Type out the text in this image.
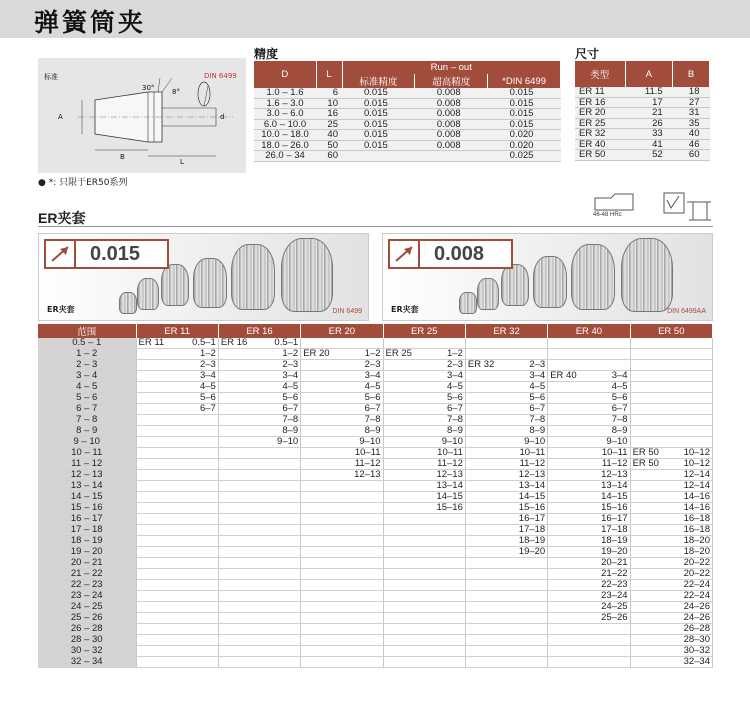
弹簧筒夹
标准	DIN 6499
30°	8°
A	d
B
L
● *: 只限于ER50系列
精度
D	L	Run – out		
		标准精度	超高精度	*DIN 6499
1.0 – 1.6	6	0.015	0.008	0.015
1.6 – 3.0	10	0.015	0.008	0.015
3.0 – 6.0	16	0.015	0.008	0.015
6.0 – 10.0	25	0.015	0.008	0.015
10.0 – 18.0	40	0.015	0.008	0.020
18.0 – 26.0	50	0.015	0.008	0.020
26.0 – 34	60			0.025
尺寸
类型	A	B
ER 11	11.5	18
ER 16	17	27
ER 20	21	31
ER 25	26	35
ER 32	33	40
ER 40	41	46
ER 50	52	60
ER夹套	46-48 HRc
0.015
ER夹套	DIN 6499
0.008
ER夹套	DIN 6499AA
范围	ER 11	ER 16	ER 20	ER 25	ER 32	ER 40	ER 50
0.5 – 1	ER 11 0.5–1	ER 16 0.5–1					

1 – 2	1–2	1–2	ER 20 1–2	ER 25 1–2			

2 – 3	2–3	2–3	2–3	2–3	ER 32 2–3		

3 – 4	3–4	3–4	3–4	3–4	3–4	ER 40 3–4	

4 – 5	4–5	4–5	4–5	4–5	4–5	4–5	

5 – 6	5–6	5–6	5–6	5–6	5–6	5–6	

6 – 7	6–7	6–7	6–7	6–7	6–7	6–7	

7 – 8		7–8	7–8	7–8	7–8	7–8	

8 – 9		8–9	8–9	8–9	8–9	8–9	

9 – 10		9–10	9–10	9–10	9–10	9–10	

10 – 11			10–11	10–11	10–11	10–11	ER 50 10–12

11 – 12			11–12	11–12	11–12	11–12	ER 50 10–12

12 – 13			12–13	12–13	12–13	12–13	12–14

13 – 14				13–14	13–14	13–14	12–14

14 – 15				14–15	14–15	14–15	14–16

15 – 16				15–16	15–16	15–16	14–16

16 – 17					16–17	16–17	16–18

17 – 18					17–18	17–18	16–18

18 – 19					18–19	18–19	18–20

19 – 20					19–20	19–20	18–20

20 – 21						20–21	20–22

21 – 22						21–22	20–22

22 – 23						22–23	22–24

23 – 24						23–24	22–24

24 – 25						24–25	24–26

25 – 26						25–26	24–26

26 – 28							26–28

28 – 30							28–30

30 – 32							30–32

32 – 34							32–34
